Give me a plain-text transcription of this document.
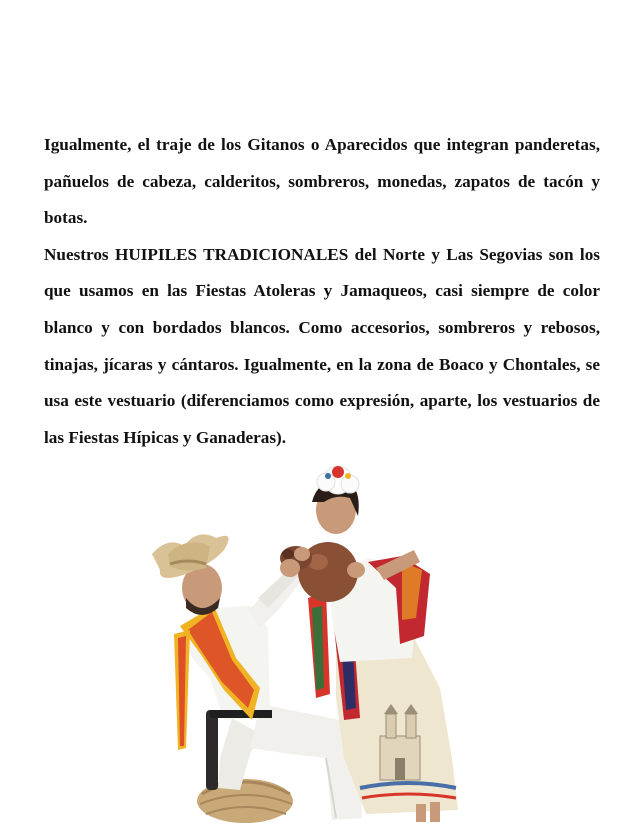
Igualmente, el traje de los Gitanos o Aparecidos que integran panderetas, pañuelos de cabeza, calderitos, sombreros, monedas, zapatos de tacón y botas.

Nuestros HUIPILES TRADICIONALES del Norte y Las Segovias son los que usamos en las Fiestas Atoleras y Jamaqueos, casi siempre de color blanco y con bordados blancos. Como accesorios, sombreros y rebosos, tinajas, jícaras y cántaros. Igualmente, en la zona de Boaco y Chontales, se usa este vestuario (diferenciamos como expresión, aparte, los vestuarios de las Fiestas Hípicas y Ganaderas).
